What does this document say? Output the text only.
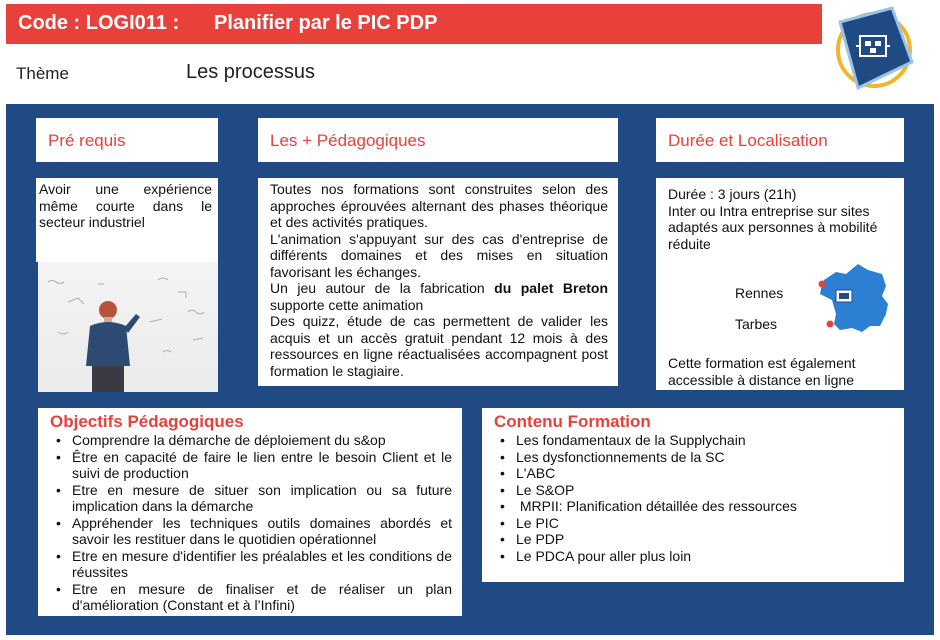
Code : LOGI011 : Planifier par le PIC PDP
Thème	Les processus
Pré requis
Avoir une expérience même courte dans le secteur industriel
Les + Pédagogiques
Toutes nos formations sont construites selon des approches éprouvées alternant des phases théorique et des activités pratiques.
L'animation s'appuyant sur des cas d'entreprise de différents domaines et des mises en situation favorisant les échanges.
Un jeu autour de la fabrication du palet Breton supporte cette animation
Des quizz, étude de cas permettent de valider les acquis et un accès gratuit pendant 12 mois à des ressources en ligne réactualisées accompagnent post formation le stagiaire.
Durée et Localisation
Durée : 3 jours (21h)
Inter ou Intra entreprise sur sites adaptés aux personnes à mobilité réduite
Rennes
Tarbes
Cette formation est également accessible à distance en ligne
Objectifs Pédagogiques
• Comprendre la démarche de déploiement du s&op
• Être en capacité de faire le lien entre le besoin Client et le suivi de production
• Etre en mesure de situer son implication ou sa future implication dans la démarche
• Appréhender les techniques outils domaines abordés et savoir les restituer dans le quotidien opérationnel
• Etre en mesure d'identifier les préalables et les conditions de réussites
• Etre en mesure de finaliser et de réaliser un plan d'amélioration (Constant et à l’Infini)
Contenu Formation
• Les fondamentaux de la Supplychain
• Les dysfonctionnements de la SC
• L'ABC
• Le S&OP
•  MRPII: Planification détaillée des ressources
• Le PIC
• Le PDP
• Le PDCA pour aller plus loin
